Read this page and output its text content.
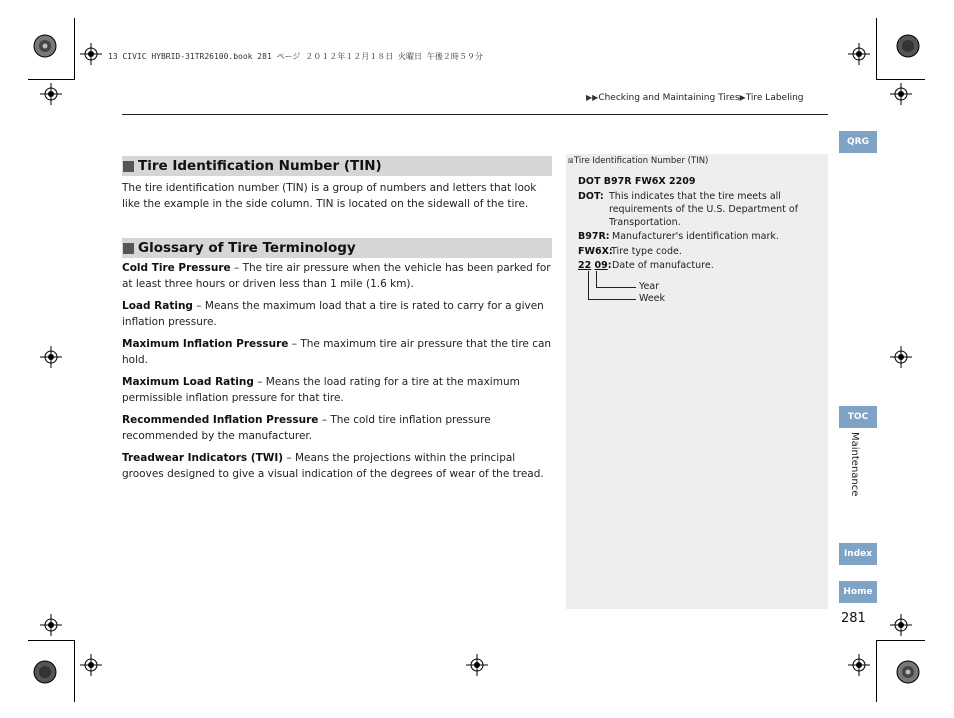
13 CIVIC HYBRID-31TR26100.book 281 ページ ２０１２年１２月１８日 火曜日 午後２時５９分
▶▶Checking and Maintaining Tires▶Tire Labeling
Tire Identification Number (TIN)

The tire identification number (TIN) is a group of numbers and letters that look like the example in the side column. TIN is located on the sidewall of the tire.

Glossary of Tire Terminology

Cold Tire Pressure – The tire air pressure when the vehicle has been parked for at least three hours or driven less than 1 mile (1.6 km).

Load Rating – Means the maximum load that a tire is rated to carry for a given inflation pressure.

Maximum Inflation Pressure – The maximum tire air pressure that the tire can hold.

Maximum Load Rating – Means the load rating for a tire at the maximum permissible inflation pressure for that tire.

Recommended Inflation Pressure – The cold tire inflation pressure recommended by the manufacturer.

Treadwear Indicators (TWI) – Means the projections within the principal grooves designed to give a visual indication of the degrees of wear of the tread.

⊠Tire Identification Number (TIN)
DOT B97R FW6X 2209
DOT: This indicates that the tire meets all requirements of the U.S. Department of Transportation.
B97R: Manufacturer's identification mark.
FW6X:
Tire type code.
22 09: Date of manufacture.
Year
Week
QRG
TOC
Maintenance
Index
Home
281
